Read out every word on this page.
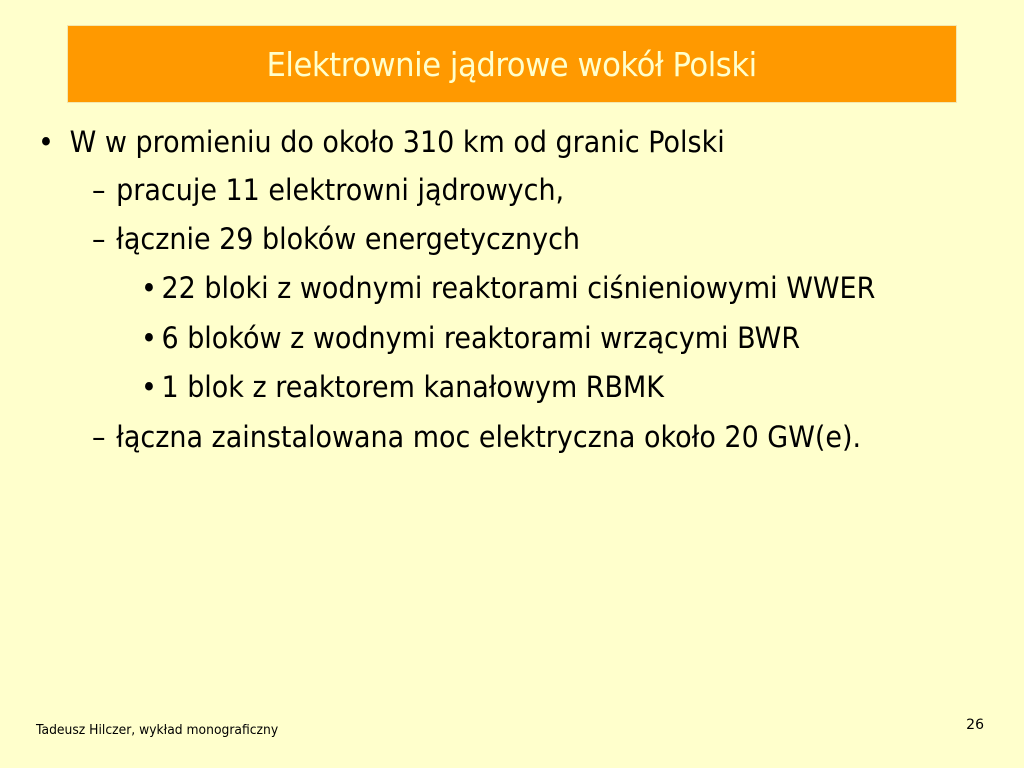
Elektrownie jądrowe wokół Polski
• W w promieniu do około 310 km od granic Polski
– pracuje 11 elektrowni jądrowych,
– łącznie 29 bloków energetycznych
• 22 bloki z wodnymi reaktorami ciśnieniowymi WWER
• 6 bloków z wodnymi reaktorami wrzącymi BWR
• 1 blok z reaktorem kanałowym RBMK
– łączna zainstalowana moc elektryczna około 20 GW(e).
Tadeusz Hilczer, wykład monograficzny	26
